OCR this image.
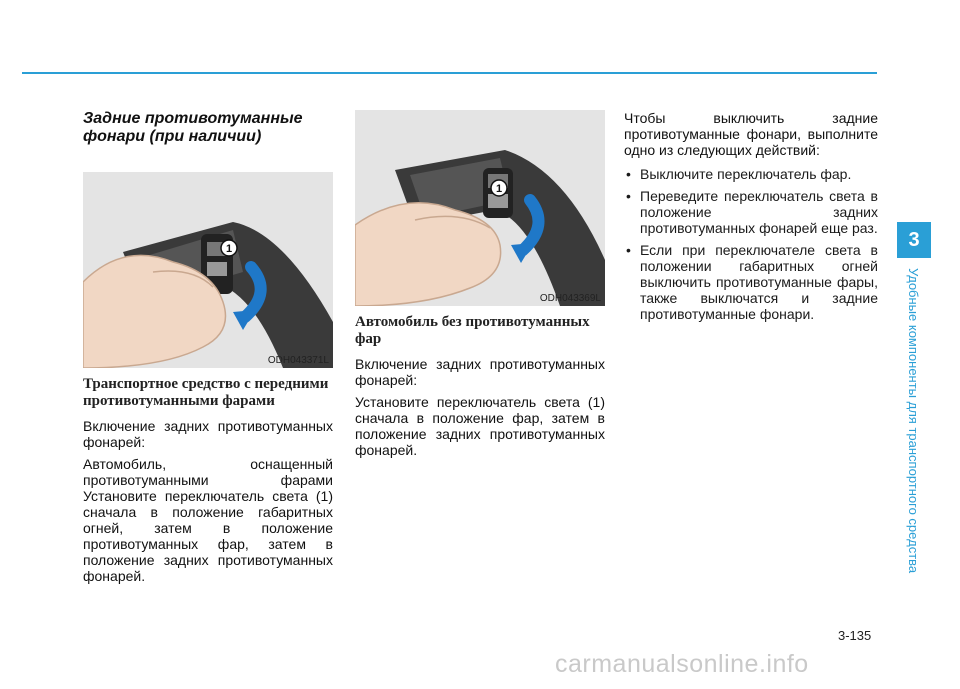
Задние противотуманные
фонари (при наличии)
1
ODH043371L
Транспортное средство с передними противотуманными фарами

Включение задних противотуманных фонарей:

Автомобиль, оснащенный противотуманными фарами Установите переключатель света (1) сначала в положение габаритных огней, затем в положение противотуманных фар, затем в положение задних противотуманных фонарей.

1
ODH043369L
Автомобиль без противотуманных фар

Включение задних противотуманных фонарей:

Установите переключатель света (1) сначала в положение фар, затем в положение задних противотуманных фонарей.

Чтобы выключить задние противотуманные фонари, выполните одно из следующих действий:

• Выключите переключатель фар.
• Переведите переключатель света в положение задних противотуманных фонарей еще раз.
• Если при переключателе света в положении габаритных огней выключить противотуманные фары, также выключатся и задние противотуманные фонари.
3
Удобные компоненты для транспортного средства
3-135
carmanualsonline.info
